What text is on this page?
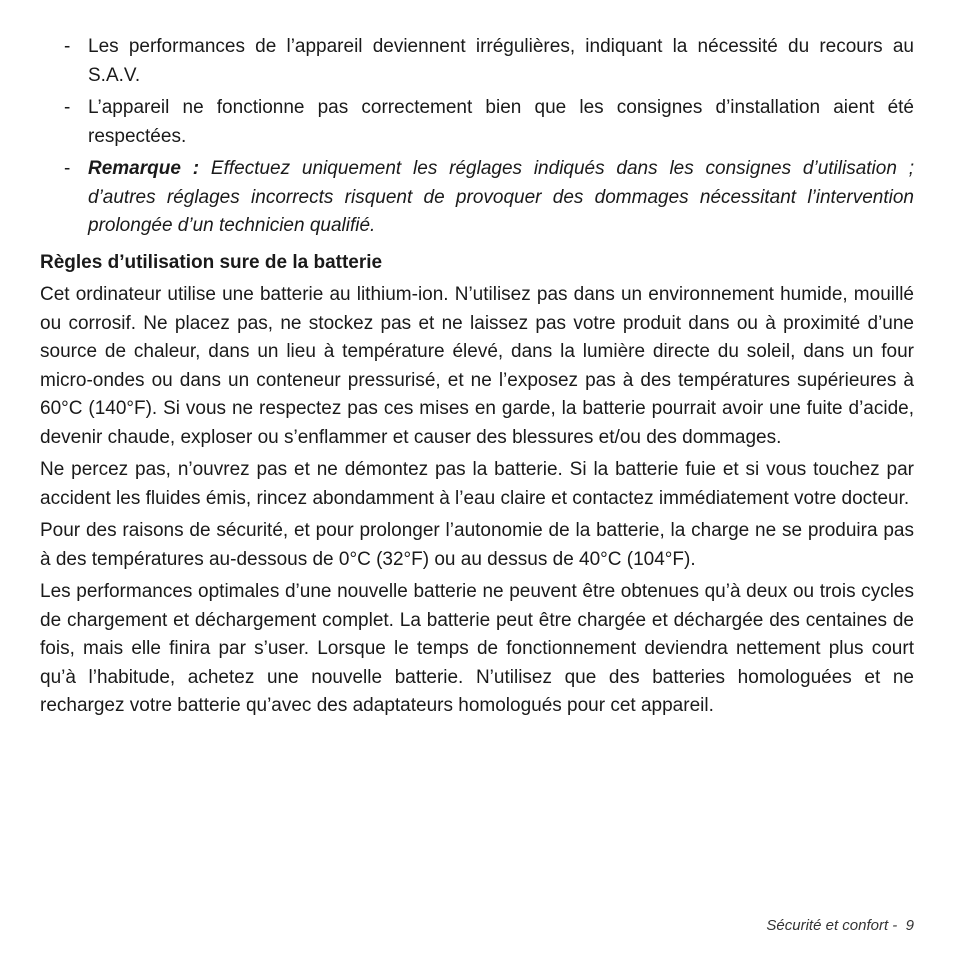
- Les performances de l’appareil deviennent irrégulières, indiquant la nécessité du recours au S.A.V.
- L’appareil ne fonctionne pas correctement bien que les consignes d’installation aient été respectées.
- Remarque : Effectuez uniquement les réglages indiqués dans les consignes d’utilisation ; d’autres réglages incorrects risquent de provoquer des dommages nécessitant l’intervention prolongée d’un technicien qualifié.
Règles d’utilisation sure de la batterie

Cet ordinateur utilise une batterie au lithium-ion. N’utilisez pas dans un environnement humide, mouillé ou corrosif. Ne placez pas, ne stockez pas et ne laissez pas votre produit dans ou à proximité d’une source de chaleur, dans un lieu à température élevé, dans la lumière directe du soleil, dans un four micro-ondes ou dans un conteneur pressurisé, et ne l’exposez pas à des températures supérieures à 60°C (140°F). Si vous ne respectez pas ces mises en garde, la batterie pourrait avoir une fuite d’acide, devenir chaude, exploser ou s’enflammer et causer des blessures et/ou des dommages.

Ne percez pas, n’ouvrez pas et ne démontez pas la batterie. Si la batterie fuie et si vous touchez par accident les fluides émis, rincez abondamment à l’eau claire et contactez immédiatement votre docteur.

Pour des raisons de sécurité, et pour prolonger l’autonomie de la batterie, la charge ne se produira pas à des températures au-dessous de 0°C (32°F) ou au dessus de 40°C (104°F).

Les performances optimales d’une nouvelle batterie ne peuvent être obtenues qu’à deux ou trois cycles de chargement et déchargement complet. La batterie peut être chargée et déchargée des centaines de fois, mais elle finira par s’user. Lorsque le temps de fonctionnement deviendra nettement plus court qu’à l’habitude, achetez une nouvelle batterie. N’utilisez que des batteries homologuées et ne rechargez votre batterie qu’avec des adaptateurs homologués pour cet appareil.

Sécurité et confort - 9
